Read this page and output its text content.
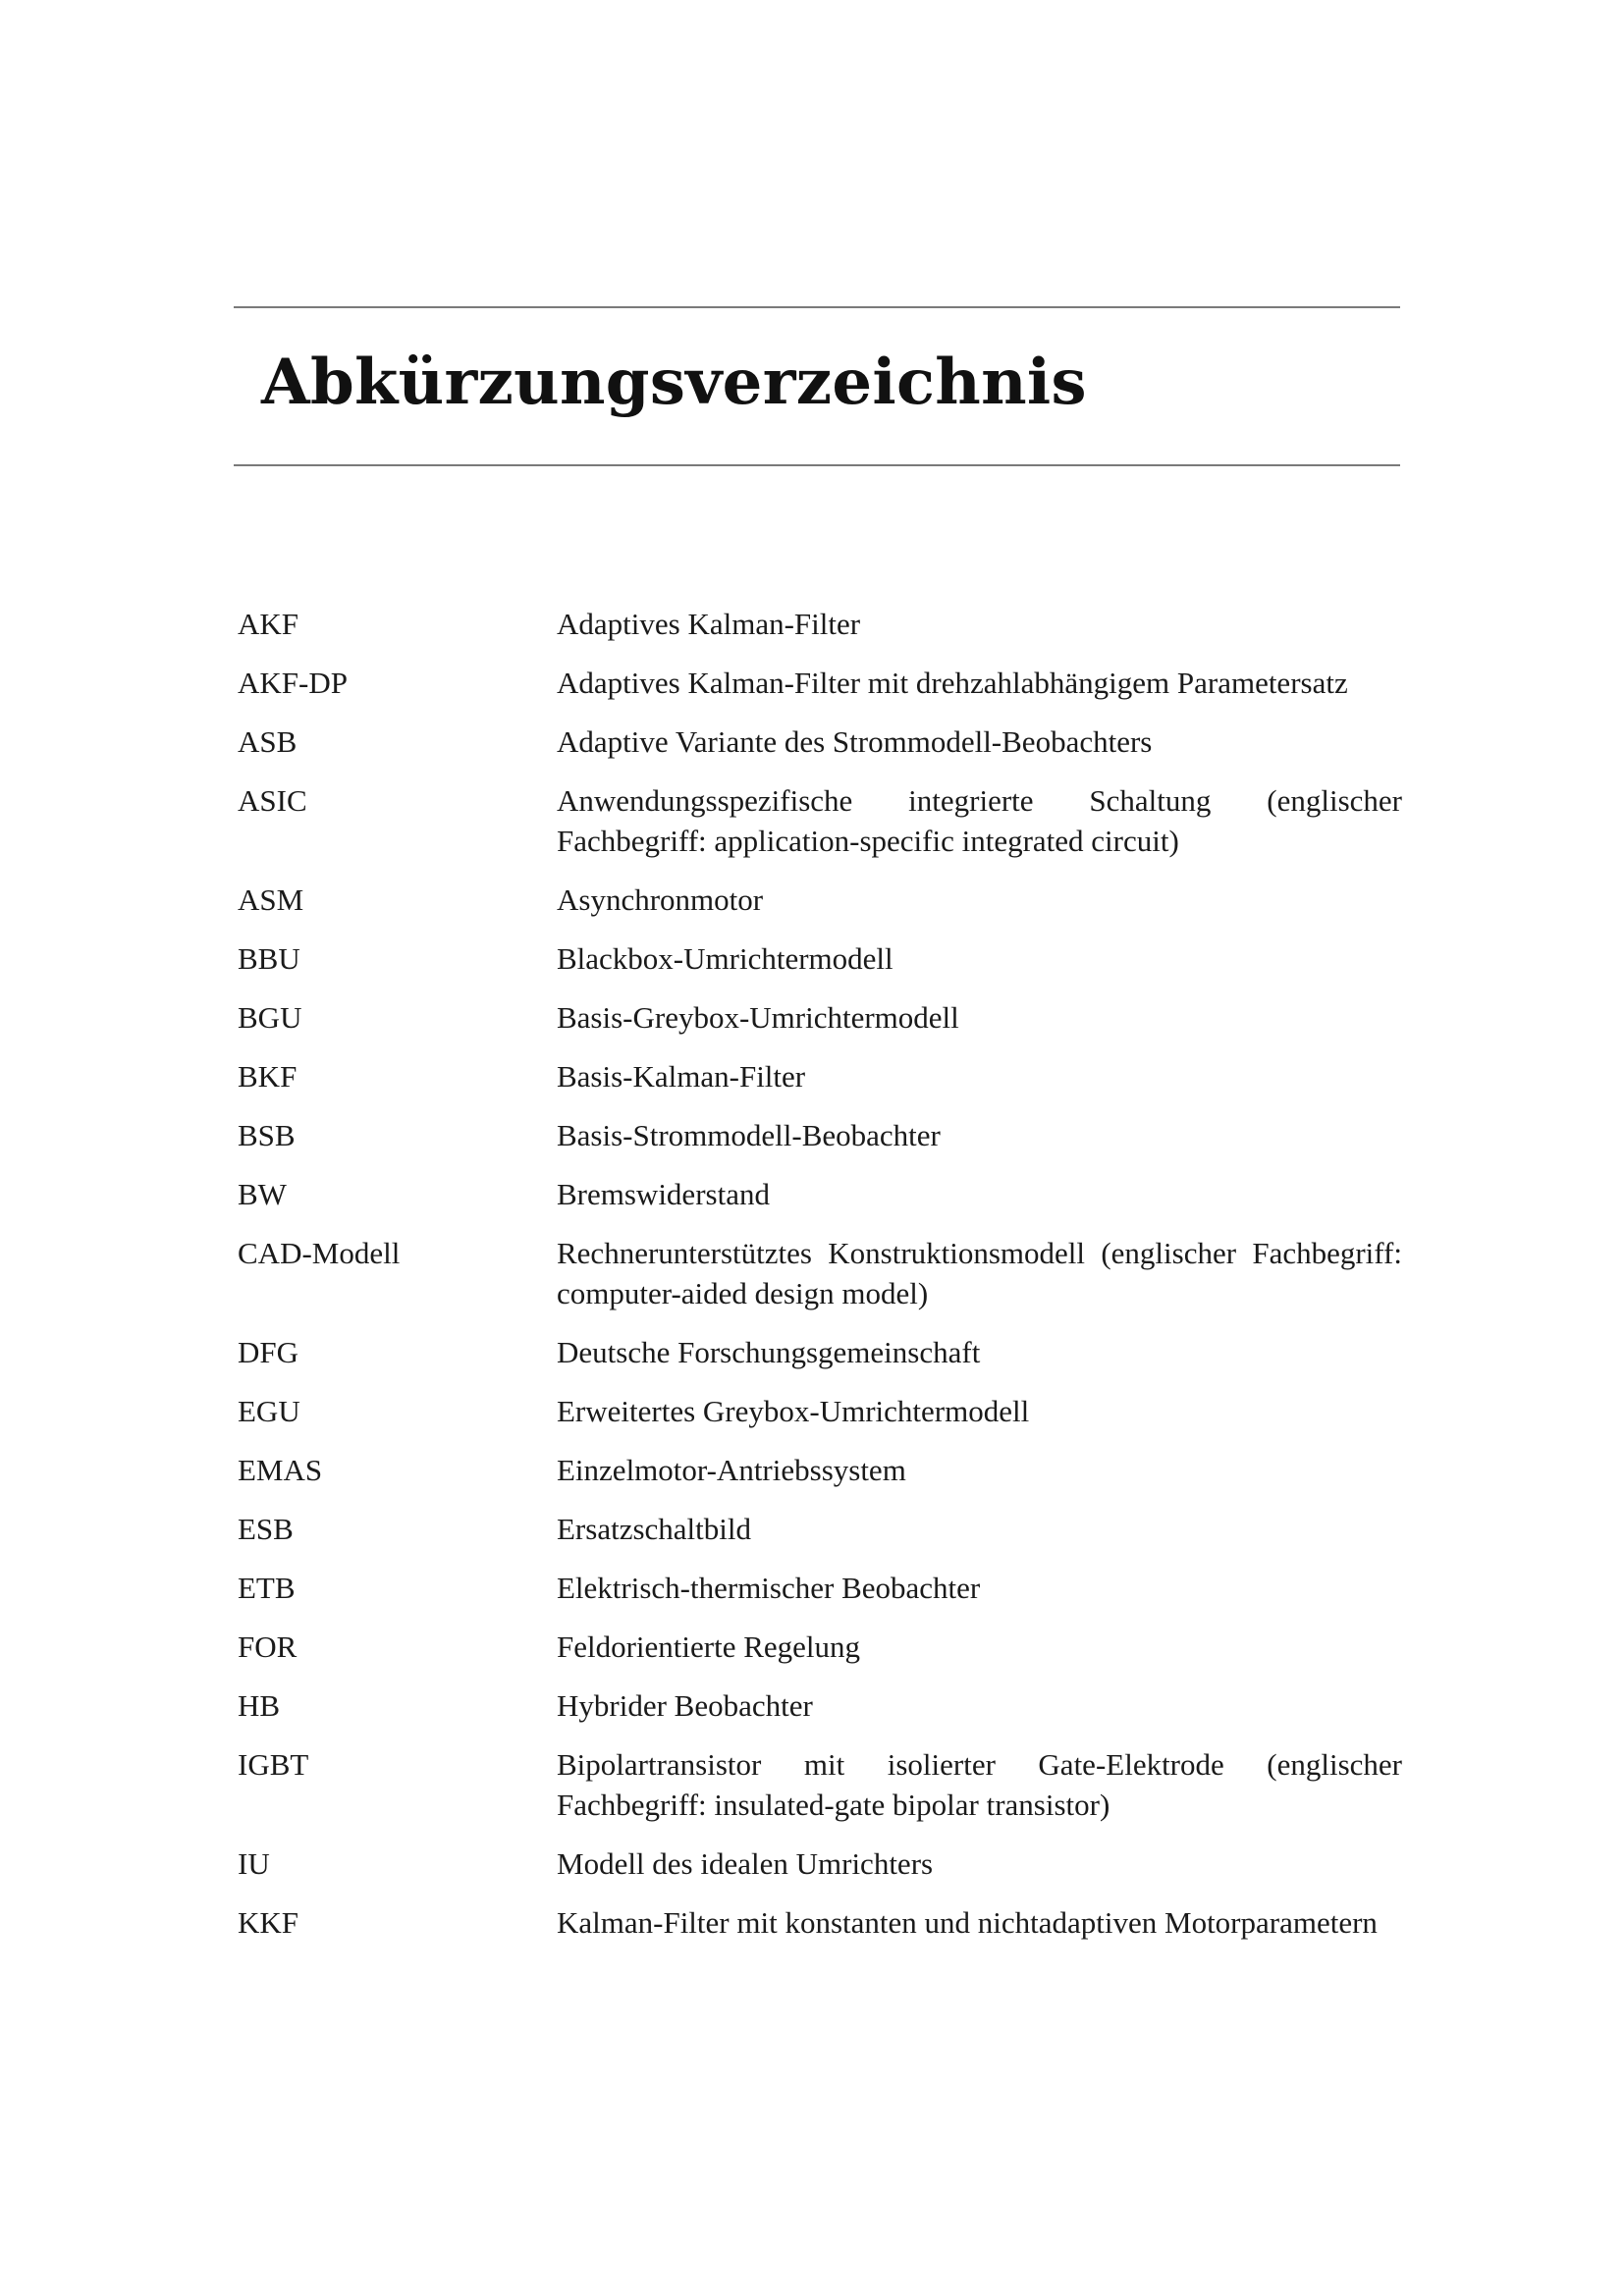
Abkürzungsverzeichnis
AKF	Adaptives Kalman-Filter
AKF-DP	Adaptives Kalman-Filter mit drehzahlabhängigem Parametersatz
ASB	Adaptive Variante des Strommodell-Beobachters
ASIC	Anwendungsspezifische integrierte Schaltung (englischer Fachbegriff: application-specific integrated circuit)
ASM	Asynchronmotor
BBU	Blackbox-Umrichtermodell
BGU	Basis-Greybox-Umrichtermodell
BKF	Basis-Kalman-Filter
BSB	Basis-Strommodell-Beobachter
BW	Bremswiderstand
CAD-Modell	Rechnerunterstütztes Konstruktionsmodell (englischer Fachbegriff: computer-aided design model)
DFG	Deutsche Forschungsgemeinschaft
EGU	Erweitertes Greybox-Umrichtermodell
EMAS	Einzelmotor-Antriebssystem
ESB	Ersatzschaltbild
ETB	Elektrisch-thermischer Beobachter
FOR	Feldorientierte Regelung
HB	Hybrider Beobachter
IGBT	Bipolartransistor mit isolierter Gate-Elektrode (englischer Fachbegriff: insulated-gate bipolar transistor)
IU	Modell des idealen Umrichters
KKF	Kalman-Filter mit konstanten und nichtadaptiven Motorparametern
